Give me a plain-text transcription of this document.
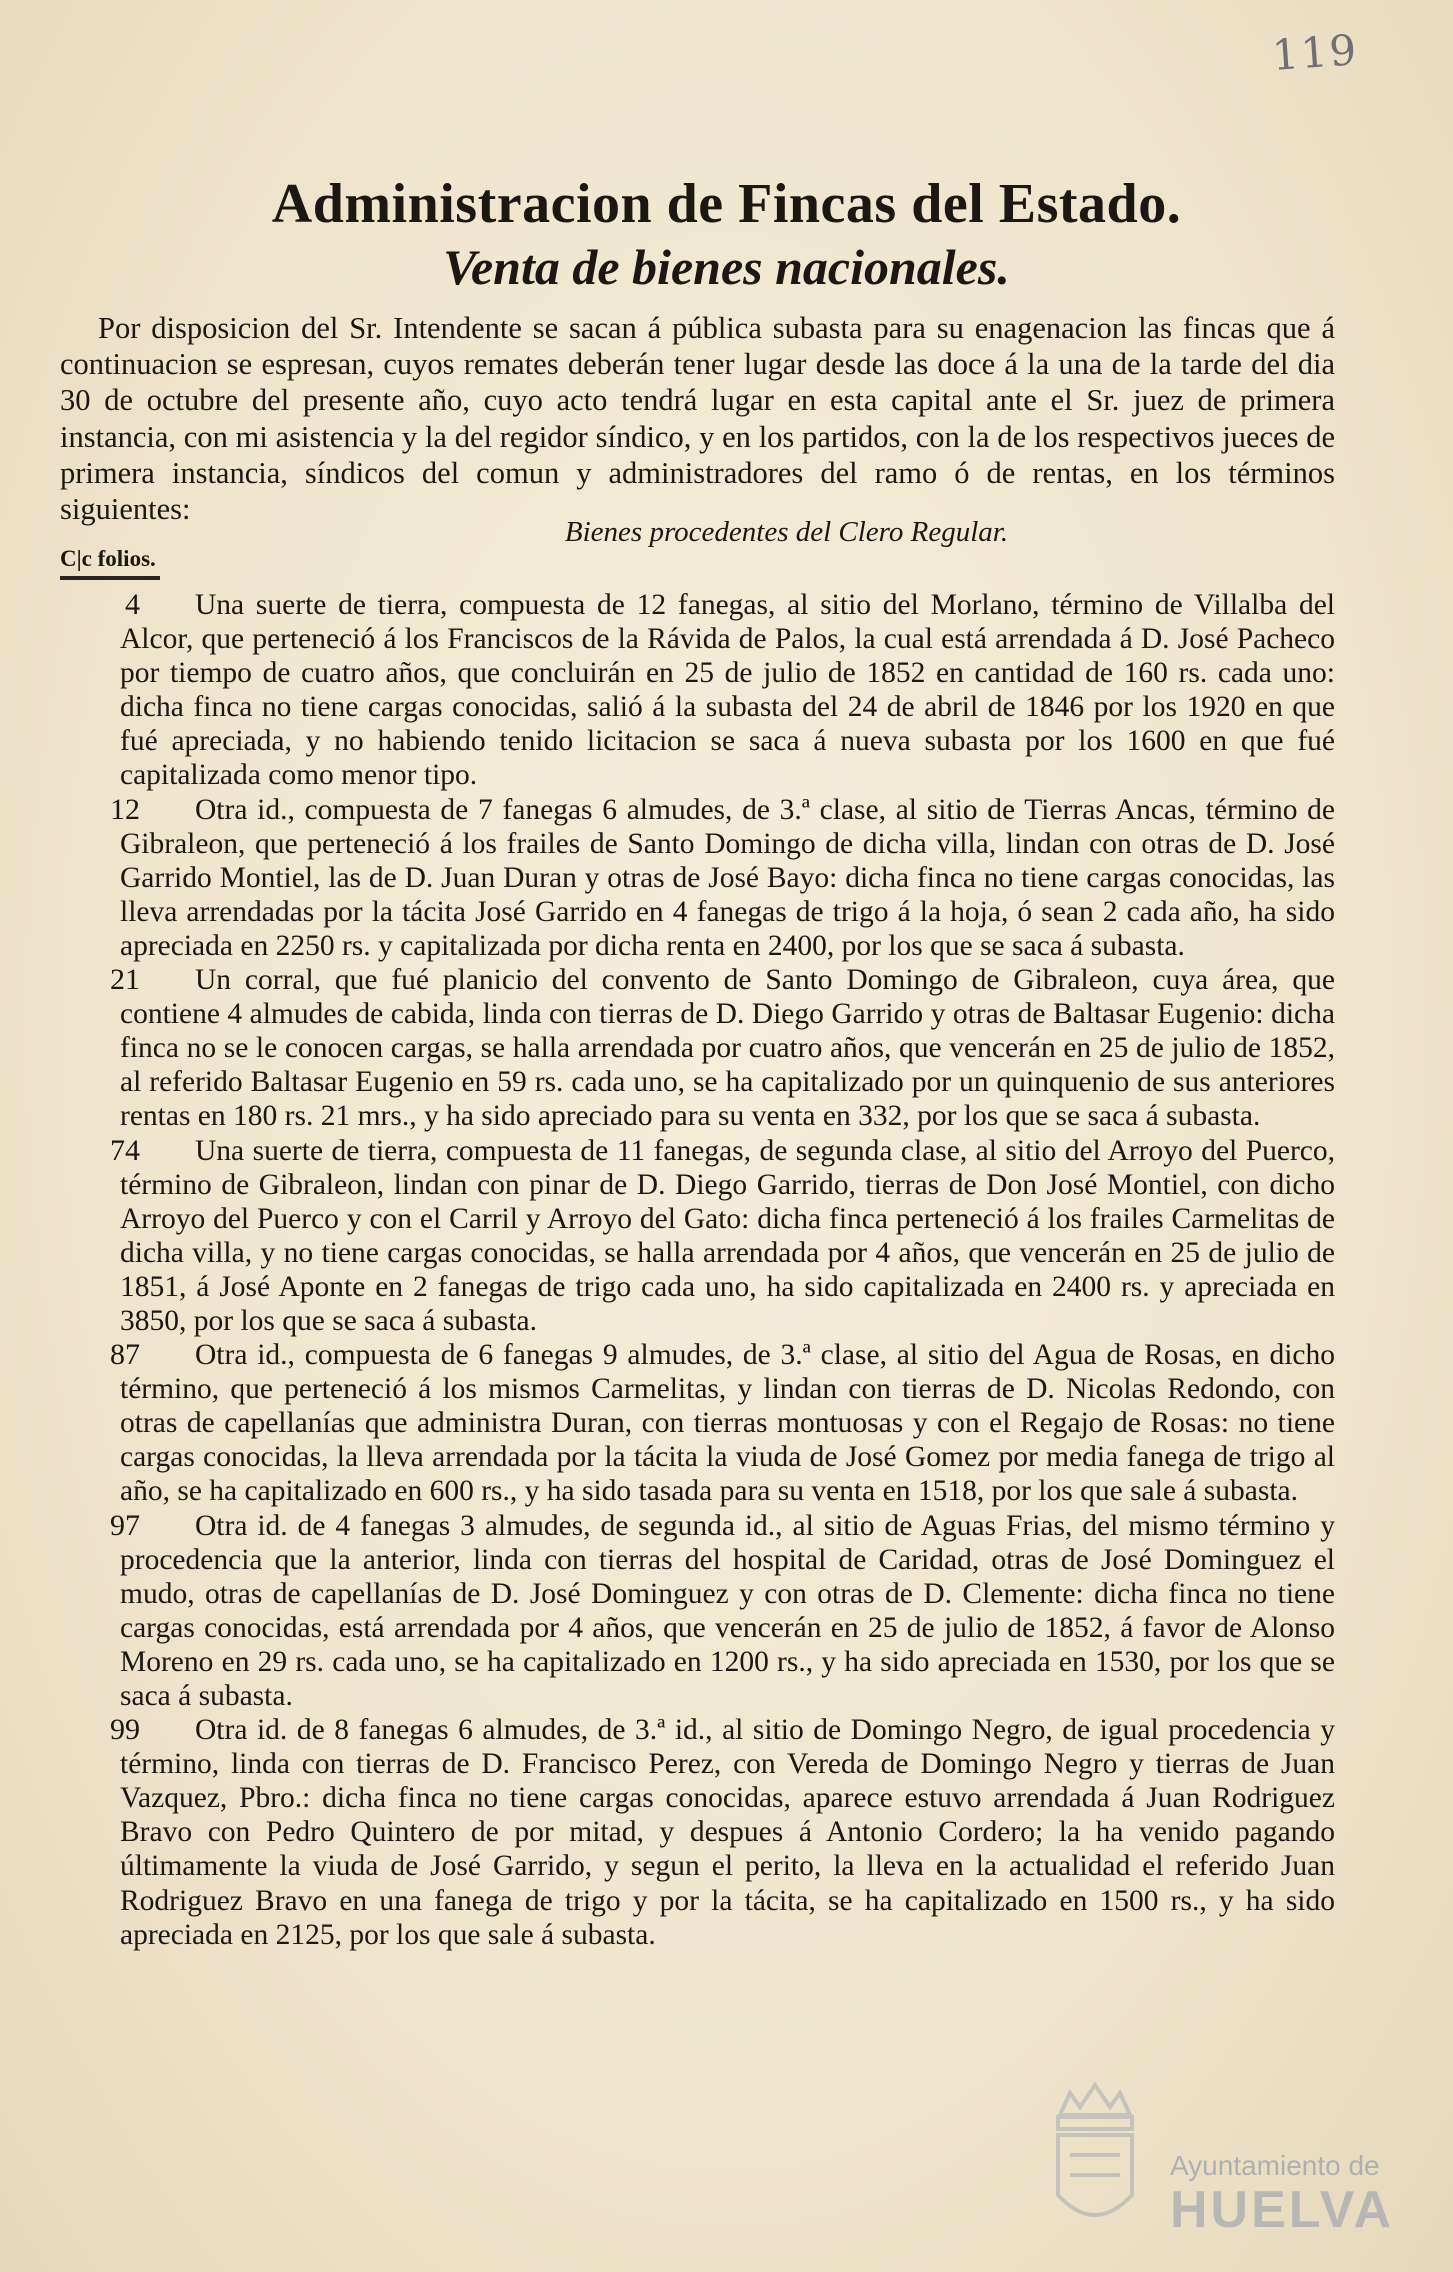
119
Administracion de Fincas del Estado.
Venta de bienes nacionales.
Por disposicion del Sr. Intendente se sacan á pública subasta para su enagenacion las fincas que á continuacion se espresan, cuyos remates deberán tener lugar desde las doce á la una de la tarde del dia 30 de octubre del presente año, cuyo acto tendrá lugar en esta capital ante el Sr. juez de primera instancia, con mi asistencia y la del regidor síndico, y en los partidos, con la de los respectivos jueces de primera instancia, síndicos del comun y administradores del ramo ó de rentas, en los términos siguientes:
Bienes procedentes del Clero Regular.
C|c folios.
4	Una suerte de tierra, compuesta de 12 fanegas, al sitio del Morlano, término de Villalba del Alcor, que perteneció á los Franciscos de la Rávida de Palos, la cual está arrendada á D. José Pacheco por tiempo de cuatro años, que concluirán en 25 de julio de 1852 en cantidad de 160 rs. cada uno: dicha finca no tiene cargas conocidas, salió á la subasta del 24 de abril de 1846 por los 1920 en que fué apreciada, y no habiendo tenido licitacion se saca á nueva subasta por los 1600 en que fué capitalizada como menor tipo.
12	Otra id., compuesta de 7 fanegas 6 almudes, de 3.ª clase, al sitio de Tierras Ancas, término de Gibraleon, que perteneció á los frailes de Santo Domingo de dicha villa, lindan con otras de D. José Garrido Montiel, las de D. Juan Duran y otras de José Bayo: dicha finca no tiene cargas conocidas, las lleva arrendadas por la tácita José Garrido en 4 fanegas de trigo á la hoja, ó sean 2 cada año, ha sido apreciada en 2250 rs. y capitalizada por dicha renta en 2400, por los que se saca á subasta.
21	Un corral, que fué planicio del convento de Santo Domingo de Gibraleon, cuya área, que contiene 4 almudes de cabida, linda con tierras de D. Diego Garrido y otras de Baltasar Eugenio: dicha finca no se le conocen cargas, se halla arrendada por cuatro años, que vencerán en 25 de julio de 1852, al referido Baltasar Eugenio en 59 rs. cada uno, se ha capitalizado por un quinquenio de sus anteriores rentas en 180 rs. 21 mrs., y ha sido apreciado para su venta en 332, por los que se saca á subasta.
74	Una suerte de tierra, compuesta de 11 fanegas, de segunda clase, al sitio del Arroyo del Puerco, término de Gibraleon, lindan con pinar de D. Diego Garrido, tierras de Don José Montiel, con dicho Arroyo del Puerco y con el Carril y Arroyo del Gato: dicha finca perteneció á los frailes Carmelitas de dicha villa, y no tiene cargas conocidas, se halla arrendada por 4 años, que vencerán en 25 de julio de 1851, á José Aponte en 2 fanegas de trigo cada uno, ha sido capitalizada en 2400 rs. y apreciada en 3850, por los que se saca á subasta.
87	Otra id., compuesta de 6 fanegas 9 almudes, de 3.ª clase, al sitio del Agua de Rosas, en dicho término, que perteneció á los mismos Carmelitas, y lindan con tierras de D. Nicolas Redondo, con otras de capellanías que administra Duran, con tierras montuosas y con el Regajo de Rosas: no tiene cargas conocidas, la lleva arrendada por la tácita la viuda de José Gomez por media fanega de trigo al año, se ha capitalizado en 600 rs., y ha sido tasada para su venta en 1518, por los que sale á subasta.
97	Otra id. de 4 fanegas 3 almudes, de segunda id., al sitio de Aguas Frias, del mismo término y procedencia que la anterior, linda con tierras del hospital de Caridad, otras de José Dominguez el mudo, otras de capellanías de D. José Dominguez y con otras de D. Clemente: dicha finca no tiene cargas conocidas, está arrendada por 4 años, que vencerán en 25 de julio de 1852, á favor de Alonso Moreno en 29 rs. cada uno, se ha capitalizado en 1200 rs., y ha sido apreciada en 1530, por los que se saca á subasta.
99	Otra id. de 8 fanegas 6 almudes, de 3.ª id., al sitio de Domingo Negro, de igual procedencia y término, linda con tierras de D. Francisco Perez, con Vereda de Domingo Negro y tierras de Juan Vazquez, Pbro.: dicha finca no tiene cargas conocidas, aparece estuvo arrendada á Juan Rodriguez Bravo con Pedro Quintero de por mitad, y despues á Antonio Cordero; la ha venido pagando últimamente la viuda de José Garrido, y segun el perito, la lleva en la actualidad el referido Juan Rodriguez Bravo en una fanega de trigo y por la tácita, se ha capitalizado en 1500 rs., y ha sido apreciada en 2125, por los que sale á subasta.
Ayuntamiento de
HUELVA
